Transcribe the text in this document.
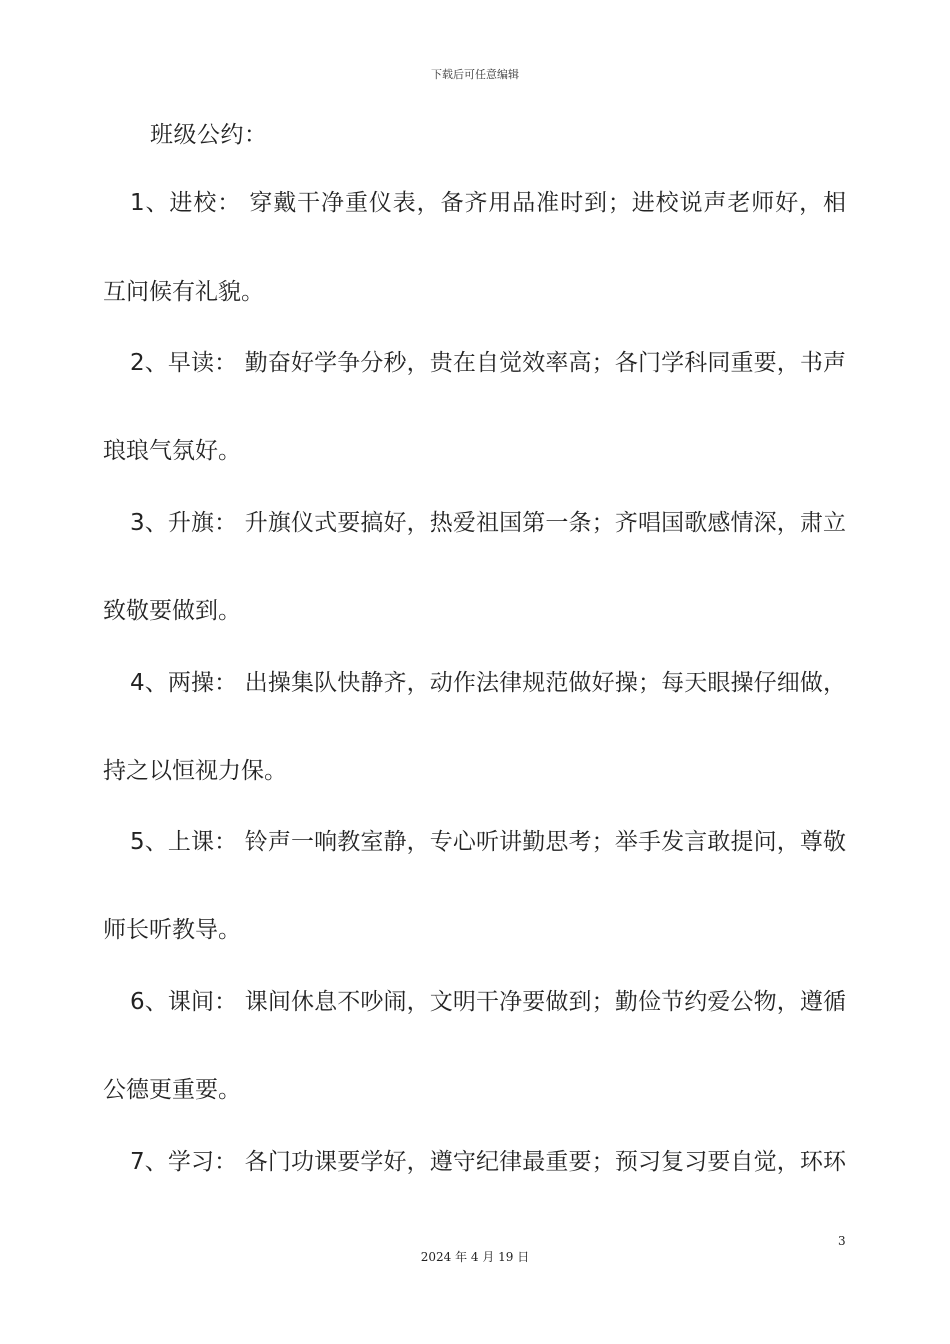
下载后可任意编辑
班级公约：
1、进校： 穿戴干净重仪表，备齐用品准时到；进校说声老师好，相
互问候有礼貌。
2、早读： 勤奋好学争分秒，贵在自觉效率高；各门学科同重要，书声
琅琅气氛好。
3、升旗： 升旗仪式要搞好，热爱祖国第一条；齐唱国歌感情深，肃立
致敬要做到。
4、两操： 出操集队快静齐，动作法律规范做好操；每天眼操仔细做，
持之以恒视力保。
5、上课： 铃声一响教室静，专心听讲勤思考；举手发言敢提问，尊敬
师长听教导。
6、课间： 课间休息不吵闹，文明干净要做到；勤俭节约爱公物，遵循
公德更重要。
7、学习： 各门功课要学好，遵守纪律最重要；预习复习要自觉，环环
3
2024 年 4 月 19 日
